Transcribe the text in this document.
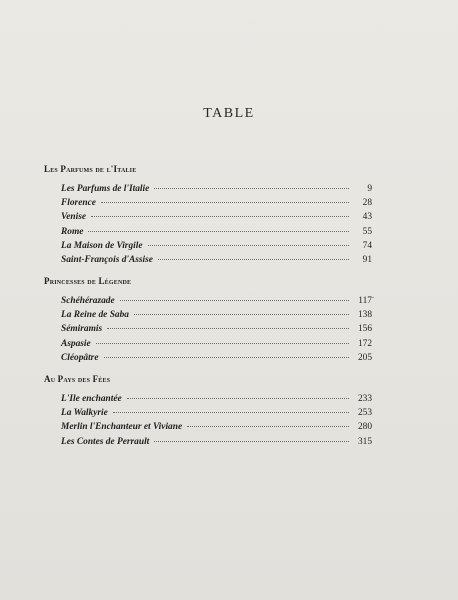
TABLE
Les Parfums de l'Italie
Les Parfums de l'Italie	9
Florence	28
Venise	43
Rome	55
La Maison de Virgile	74
Saint-François d'Assise	91
Princesses de Légende
Schéhérazade	117
La Reine de Saba	138
Sémiramis	156
Aspasie	172
Cléopâtre	205
Au Pays des Fées
L'Ile enchantée	233
La Walkyrie	253
Merlin l'Enchanteur et Viviane	280
Les Contes de Perrault	315
